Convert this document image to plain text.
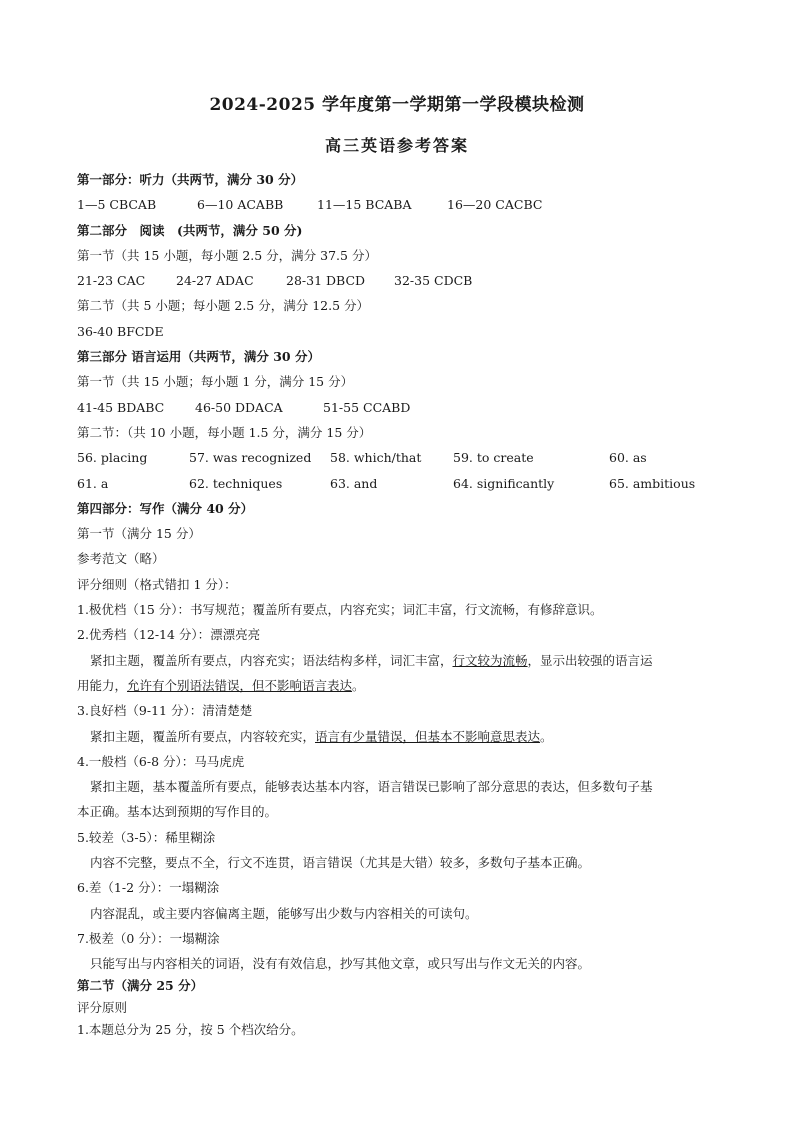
2024-2025 学年度第一学期第一学段模块检测
高三英语参考答案
第一部分：听力（共两节，满分 30 分）
1—5 CBCAB	6—10 ACABB	11—15 BCABA	16—20 CACBC
第二部分　阅读　(共两节，满分 50 分)
第一节（共 15 小题，每小题 2.5 分，满分 37.5 分）
21-23 CAC	24-27 ADAC	28-31 DBCD	32-35 CDCB
第二节（共 5 小题；每小题 2.5 分，满分 12.5 分）
36-40 BFCDE
第三部分 语言运用（共两节，满分 30 分）
第一节（共 15 小题；每小题 1 分，满分 15 分）
41-45 BDABC	46-50 DDACA	51-55 CCABD
第二节：（共 10 小题，每小题 1.5 分，满分 15 分）
56. placing	57. was recognized	58. which/that	59. to create	60. as
61. a	62. techniques	63. and	64. significantly	65. ambitious
第四部分：写作（满分 40 分）
第一节（满分 15 分）
参考范文（略）
评分细则（格式错扣 1 分）：
1.极优档（15 分）：书写规范；覆盖所有要点，内容充实；词汇丰富，行文流畅，有修辞意识。
2.优秀档（12-14 分）：漂漂亮亮
紧扣主题，覆盖所有要点，内容充实；语法结构多样，词汇丰富，行文较为流畅，显示出较强的语言运
用能力，允许有个别语法错误，但不影响语言表达。
3.良好档（9-11 分）：清清楚楚
紧扣主题，覆盖所有要点，内容较充实，语言有少量错误，但基本不影响意思表达。
4.一般档（6-8 分）：马马虎虎
紧扣主题，基本覆盖所有要点，能够表达基本内容，语言错误已影响了部分意思的表达，但多数句子基
本正确。基本达到预期的写作目的。
5.较差（3-5）：稀里糊涂
内容不完整，要点不全，行文不连贯，语言错误（尤其是大错）较多，多数句子基本正确。
6.差（1-2 分）：一塌糊涂
内容混乱，或主要内容偏离主题，能够写出少数与内容相关的可读句。
7.极差（0 分）：一塌糊涂
只能写出与内容相关的词语，没有有效信息，抄写其他文章，或只写出与作文无关的内容。
第二节（满分 25 分）
评分原则
1.本题总分为 25 分，按 5 个档次给分。
